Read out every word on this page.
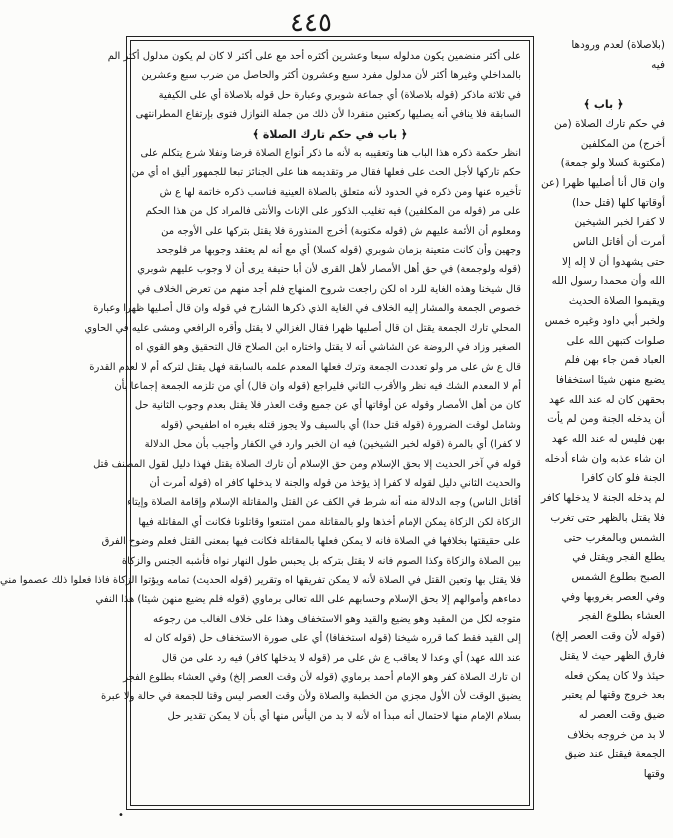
٤٤٥
(بلاصلاة) لعدم ورودها
فيه

﴿ باب ﴾
في حكم تارك الصلاة (من
أخرج) من المكلفين
(مكتوبة كسلا ولو جمعة)
وان قال أنا أصليها ظهرا (عن
أوقاتها كلها (قتل حدا)
لا كفرا لخبر الشيخين
أمرت أن أقاتل الناس
حتى يشهدوا أن لا إله إلا
الله وأن محمدا رسول الله
ويقيموا الصلاة الحديث
ولخبر أبي داود وغيره خمس
صلوات كتبهن الله على
العباد فمن جاء بهن فلم
يضيع منهن شيئا استخفافا
بحقهن كان له عند الله عهد
أن يدخله الجنة ومن لم يأت
بهن فليس له عند الله عهد
ان شاء عذبه وان شاء أدخله
الجنة فلو كان كافرا
لم يدخله الجنة لا يدخلها كافر
فلا يقتل بالظهر حتى تغرب
الشمس وبالمغرب حتى
يطلع الفجر ويقتل في
الصبح بطلوع الشمس
وفي العصر بغروبها وفي
العشاء بطلوع الفجر
(قوله لأن وقت العصر إلخ)
فارق الظهر حيث لا يقتل
حيئذ ولا كان يمكن فعله
بعد خروج وقتها لم يعتبر
ضيق وقت العصر له
لا بد من خروجه بخلاف
الجمعة فيقتل عند ضيق
وقتها
على أكثر منضمين يكون مدلوله سبعا وعشرين أكثره أحد مع على أكثر لا كان لم يكون مدلول أكثر الم
بالمداخلي وغيرها أكثر لأن مدلول مفرد سبع وعشرون أكثر والحاصل من ضرب سبع وعشرين
في ثلاثة ماذكر (قوله بلاصلاة) أي جماعة شوبري وعبارة حل قوله بلاصلاة أي على الكيفية
السابقة فلا ينافي أنه يصليها ركعتين منفردا لأن ذلك من جملة النوازل فتوى بإرتفاع المطرانتهى
﴿ باب في حكم تارك الصلاة ﴾
انظر حكمة ذكره هذا الباب هنا وتعقيبه به لأنه ما ذكر أنواع الصلاة فرضا ونفلا شرع يتكلم على
حكم تاركها لأجل الحث على فعلها فقال مر وتقديمه هنا على الجنائز تبعا للجمهور أليق اه أي من
تأخيره عنها ومن ذكره في الحدود لأنه متعلق بالصلاة العينية فناسب ذكره خاتمة لها ع ش
على مر (قوله من المكلفين) فيه تغليب الذكور على الإناث والأنثى فالمراد كل من هذا الحكم
ومعلوم أن الأئمة عليهم ش (قوله مكتوبة) أخرج المنذورة فلا يقتل بتركها على الأوجه من
وجهين وأن كانت متعينة بزمان شوبري (قوله كسلا) أي مع أنه لم يعتقد وجوبها مر فلوجحد
(قوله ولوجمعة) في حق أهل الأمصار لأهل القرى لأن أبا حنيفة يرى أن لا وجوب عليهم شوبري
قال شيخنا وهذه الغاية للرد اه لكن راجعت شروح المنهاج فلم أجد منهم من تعرض الخلاف في
خصوص الجمعة والمشار إليه الخلاف في الغاية الذي ذكرها الشارح في قوله وان قال أصليها ظهرا وعبارة
المحلي تارك الجمعة يقتل ان قال أصليها ظهرا فقال الغزالي لا يقتل وأقره الرافعي ومشى عليه في الحاوي
الصغير وزاد في الروضة عن الشاشي أنه لا يقتل واختاره ابن الصلاح قال التحقيق وهو القوي اه
قال ع ش على مر ولو تعددت الجمعة وترك فعلها المعدم علمه بالسابقة فهل يقتل لتركه أم لا لعدم القدرة
أم لا المعدم الشك فيه نظر والأقرب الثاني فليراجع (قوله وان قال) أي من تلزمه الجمعة إجماعا بأن
كان من أهل الأمصار وقوله عن أوقاتها أي عن جميع وقت العذر فلا يقتل بعدم وجوب الثانية حل
وشامل لوقت الضرورة (قوله قتل حدا) أي بالسيف ولا يجوز قتله بغيره اه اطفيحي (قوله
لا كفرا) أي بالمرة (قوله لخبر الشيخين) فيه ان الخبر وارد في الكفار وأجيب بأن محل الدلالة
قوله في آخر الحديث إلا بحق الإسلام ومن حق الإسلام أن تارك الصلاة يقتل فهذا دليل لقول المصنف قتل
والحديث الثاني دليل لقوله لا كفرا إذ يؤخذ من قوله والجنة لا يدخلها كافر اه (قوله أمرت أن
أقاتل الناس) وجه الدلالة منه أنه شرط في الكف عن القتل والمقاتلة الإسلام وإقامة الصلاة وإيتاء
الزكاة لكن الزكاة يمكن الإمام أخذها ولو بالمقاتلة ممن امتنعوا وقاتلونا فكانت أي المقاتلة فيها
على حقيقتها بخلافها في الصلاة فانه لا يمكن فعلها بالمقاتلة فكانت فيها بمعنى القتل فعلم وضوح الفرق
بين الصلاة والزكاة وكذا الصوم فانه لا يقتل بتركه بل يحبس طول النهار نواه فأشبه الجنس والزكاة
فلا يقتل بها وتعين القتل في الصلاة لأنه لا يمكن تفريقها اه وتقرير (قوله الحديث) تمامه ويؤتوا الزكاة فاذا فعلوا ذلك عصموا مني
دماءهم وأموالهم إلا بحق الإسلام وحسابهم على الله تعالى برماوي (قوله فلم يضيع منهن شيئا) هذا النفي
متوجه لكل من المقيد وهو يضيع والقيد وهو الاستخفاف وهذا على خلاف الغالب من رجوعه
إلى القيد فقط كما قرره شيخنا (قوله استخفافا) أي على صورة الاستخفاف حل (قوله كان له
عند الله عهد) أي وعدا لا يعاقب ع ش على مر (قوله لا يدخلها كافر) فيه رد على من قال
ان تارك الصلاة كفر وهو الإمام أحمد برماوي (قوله لأن وقت العصر إلخ) وفي العشاء بطلوع الفجر
يضيق الوقت لأن الأول مجزي من الخطبة والصلاة ولأن وقت العصر ليس وقتا للجمعة في حالة ولا عبرة
بسلام الإمام منها لاحتمال أنه مبدأ اه لأنه لا بد من اليأس منها أي بأن لا يمكن تقدير حل
•
